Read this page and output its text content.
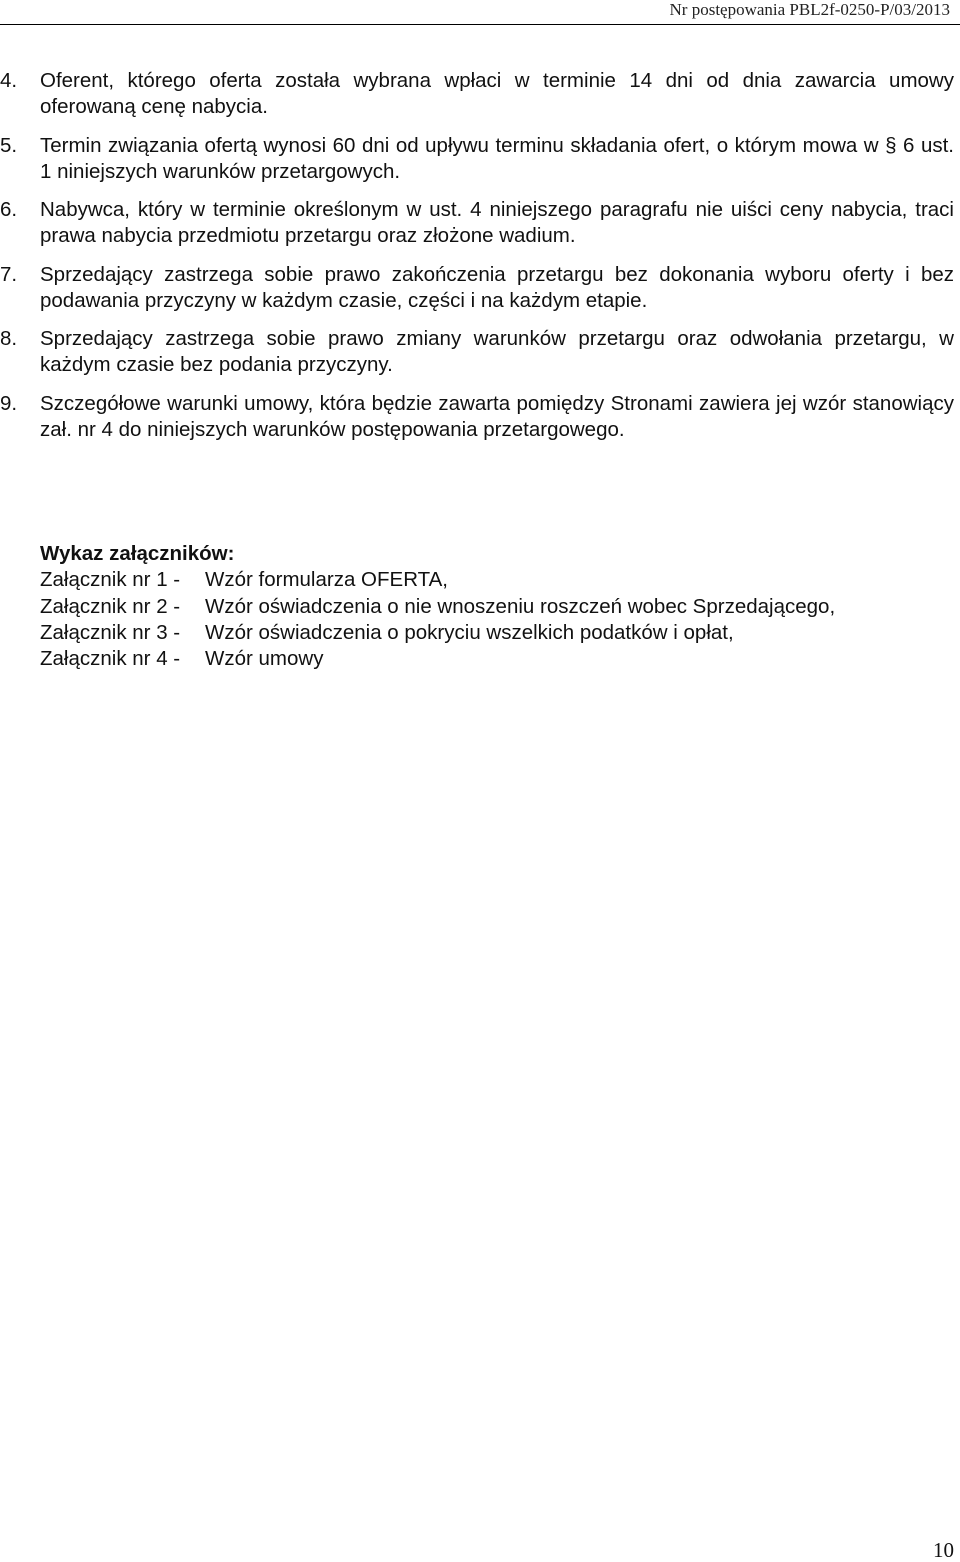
Nr postępowania PBL2f-0250-P/03/2013
4. Oferent, którego oferta została wybrana wpłaci w terminie 14 dni od dnia zawarcia umowy oferowaną cenę nabycia.
5. Termin związania ofertą wynosi 60 dni od upływu terminu składania ofert, o którym mowa w § 6 ust. 1 niniejszych warunków przetargowych.
6. Nabywca, który w terminie określonym w ust. 4 niniejszego paragrafu nie uiści ceny nabycia, traci prawa nabycia przedmiotu przetargu oraz złożone wadium.
7. Sprzedający zastrzega sobie prawo zakończenia przetargu bez dokonania wyboru oferty i bez podawania przyczyny w każdym czasie, części i na każdym etapie.
8. Sprzedający zastrzega sobie prawo zmiany warunków przetargu oraz odwołania przetargu, w każdym czasie bez podania przyczyny.
9. Szczegółowe warunki umowy, która będzie zawarta pomiędzy Stronami zawiera jej wzór stanowiący zał. nr 4 do niniejszych warunków postępowania przetargowego.
Wykaz załączników:
Załącznik nr 1 -	Wzór formularza OFERTA,
Załącznik nr 2 -	Wzór oświadczenia o nie wnoszeniu roszczeń wobec Sprzedającego,
Załącznik nr 3 -	Wzór oświadczenia o pokryciu wszelkich podatków i opłat,
Załącznik nr 4 -	Wzór umowy
10
